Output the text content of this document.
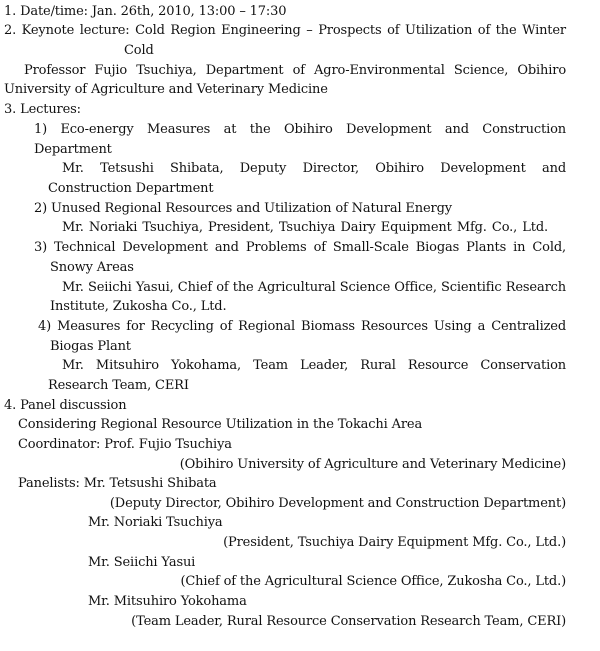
1. Date/time: Jan. 26th, 2010, 13:00 – 17:30
2. Keynote lecture: Cold Region Engineering – Prospects of Utilization of the Winter
Cold
Professor Fujio Tsuchiya, Department of Agro-Environmental Science, Obihiro
University of Agriculture and Veterinary Medicine
3. Lectures:
1) Eco-energy Measures at the Obihiro Development and Construction
Department
Mr. Tetsushi Shibata, Deputy Director, Obihiro Development and
Construction Department
2) Unused Regional Resources and Utilization of Natural Energy
Mr. Noriaki Tsuchiya, President, Tsuchiya Dairy Equipment Mfg. Co., Ltd.
3) Technical Development and Problems of Small-Scale Biogas Plants in Cold,
Snowy Areas
Mr. Seiichi Yasui, Chief of the Agricultural Science Office, Scientific Research
Institute, Zukosha Co., Ltd.
4) Measures for Recycling of Regional Biomass Resources Using a Centralized
Biogas Plant
Mr. Mitsuhiro Yokohama, Team Leader, Rural Resource Conservation
Research Team, CERI
4. Panel discussion
Considering Regional Resource Utilization in the Tokachi Area
Coordinator: Prof. Fujio Tsuchiya
(Obihiro University of Agriculture and Veterinary Medicine)
Panelists: Mr. Tetsushi Shibata
(Deputy Director, Obihiro Development and Construction Department)
Mr. Noriaki Tsuchiya
(President, Tsuchiya Dairy Equipment Mfg. Co., Ltd.)
Mr. Seiichi Yasui
(Chief of the Agricultural Science Office, Zukosha Co., Ltd.)
Mr. Mitsuhiro Yokohama
(Team Leader, Rural Resource Conservation Research Team, CERI)
